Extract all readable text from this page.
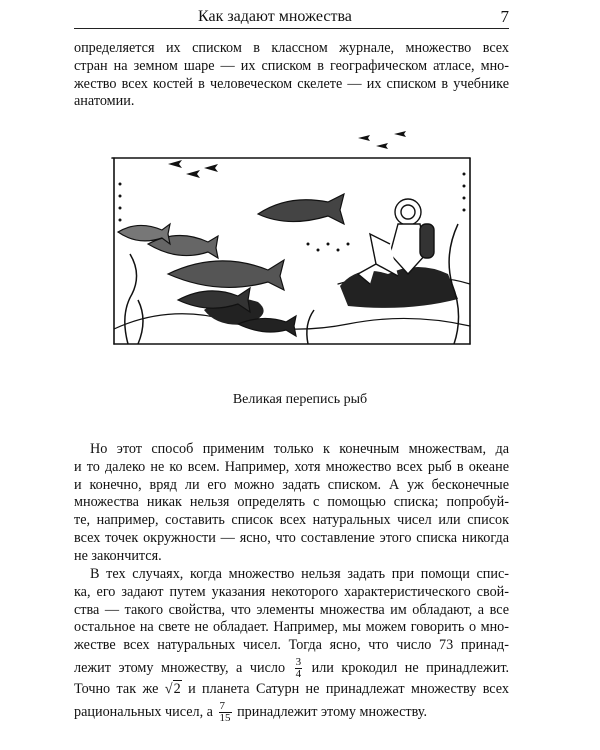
Как задают множества	7
определяется их списком в классном журнале, множество всех
стран на земном шаре — их списком в географическом атласе, мно-
жество всех костей в человеческом скелете — их списком в учебнике
анатомии.
Великая перепись рыб
Но этот способ применим только к конечным множествам, да
и то далеко не ко всем. Например, хотя множество всех рыб в океане
и конечно, вряд ли его можно задать списком. А уж бесконечные
множества никак нельзя определять с помощью списка; попробуй-
те, например, составить список всех натуральных чисел или список
всех точек окружности — ясно, что составление этого списка никогда
не закончится.
В тех случаях, когда множество нельзя задать при помощи спис-
ка, его задают путем указания некоторого характеристического свой-
ства — такого свойства, что элементы множества им обладают, а все
остальное на свете не обладает. Например, мы можем говорить о мно-
жестве всех натуральных чисел. Тогда ясно, что число 73 принад-
лежит этому множеству, а число $\frac{3}{4}$ или крокодил не принадлежит.
Точно так же √2 и планета Сатурн не принадлежат множеству всех
рациональных чисел, а $\frac{7}{15}$ принадлежит этому множеству.
